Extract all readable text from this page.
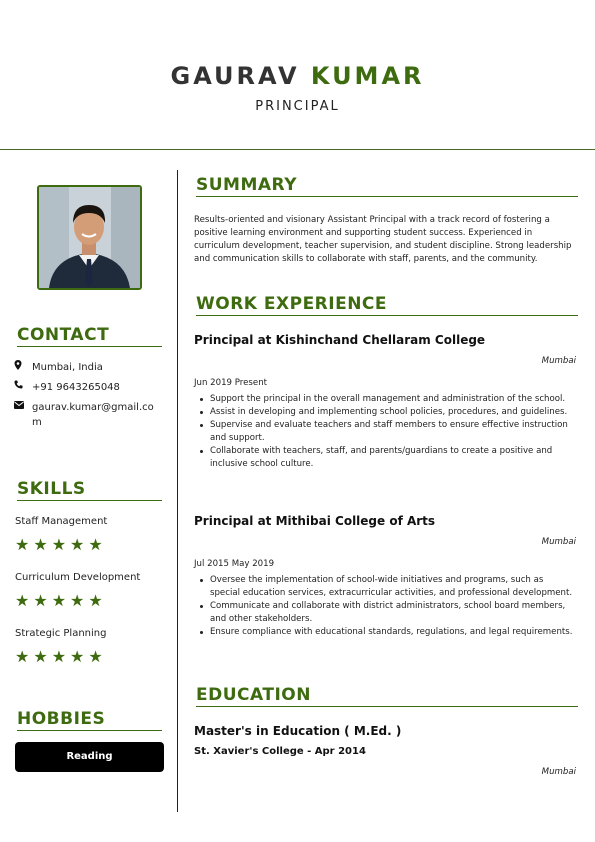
GAURAV KUMAR
PRINCIPAL
CONTACT
Mumbai, India
+91 9643265048
gaurav.kumar@gmail.com
SKILLS
Staff Management
★★★★★
Curriculum Development
★★★★★
Strategic Planning
★★★★★
HOBBIES
Reading
SUMMARY
Results-oriented and visionary Assistant Principal with a track record of fostering a positive learning environment and supporting student success. Experienced in curriculum development, teacher supervision, and student discipline. Strong leadership and communication skills to collaborate with staff, parents, and the community.
WORK EXPERIENCE
Principal at Kishinchand Chellaram College
Mumbai
Jun 2019 Present
Support the principal in the overall management and administration of the school.
Assist in developing and implementing school policies, procedures, and guidelines.
Supervise and evaluate teachers and staff members to ensure effective instruction and support.
Collaborate with teachers, staff, and parents/guardians to create a positive and inclusive school culture.
Principal at Mithibai College of Arts
Mumbai
Jul 2015 May 2019
Oversee the implementation of school-wide initiatives and programs, such as special education services, extracurricular activities, and professional development.
Communicate and collaborate with district administrators, school board members, and other stakeholders.
Ensure compliance with educational standards, regulations, and legal requirements.
EDUCATION
Master's in Education ( M.Ed. )
St. Xavier's College - Apr 2014
Mumbai
